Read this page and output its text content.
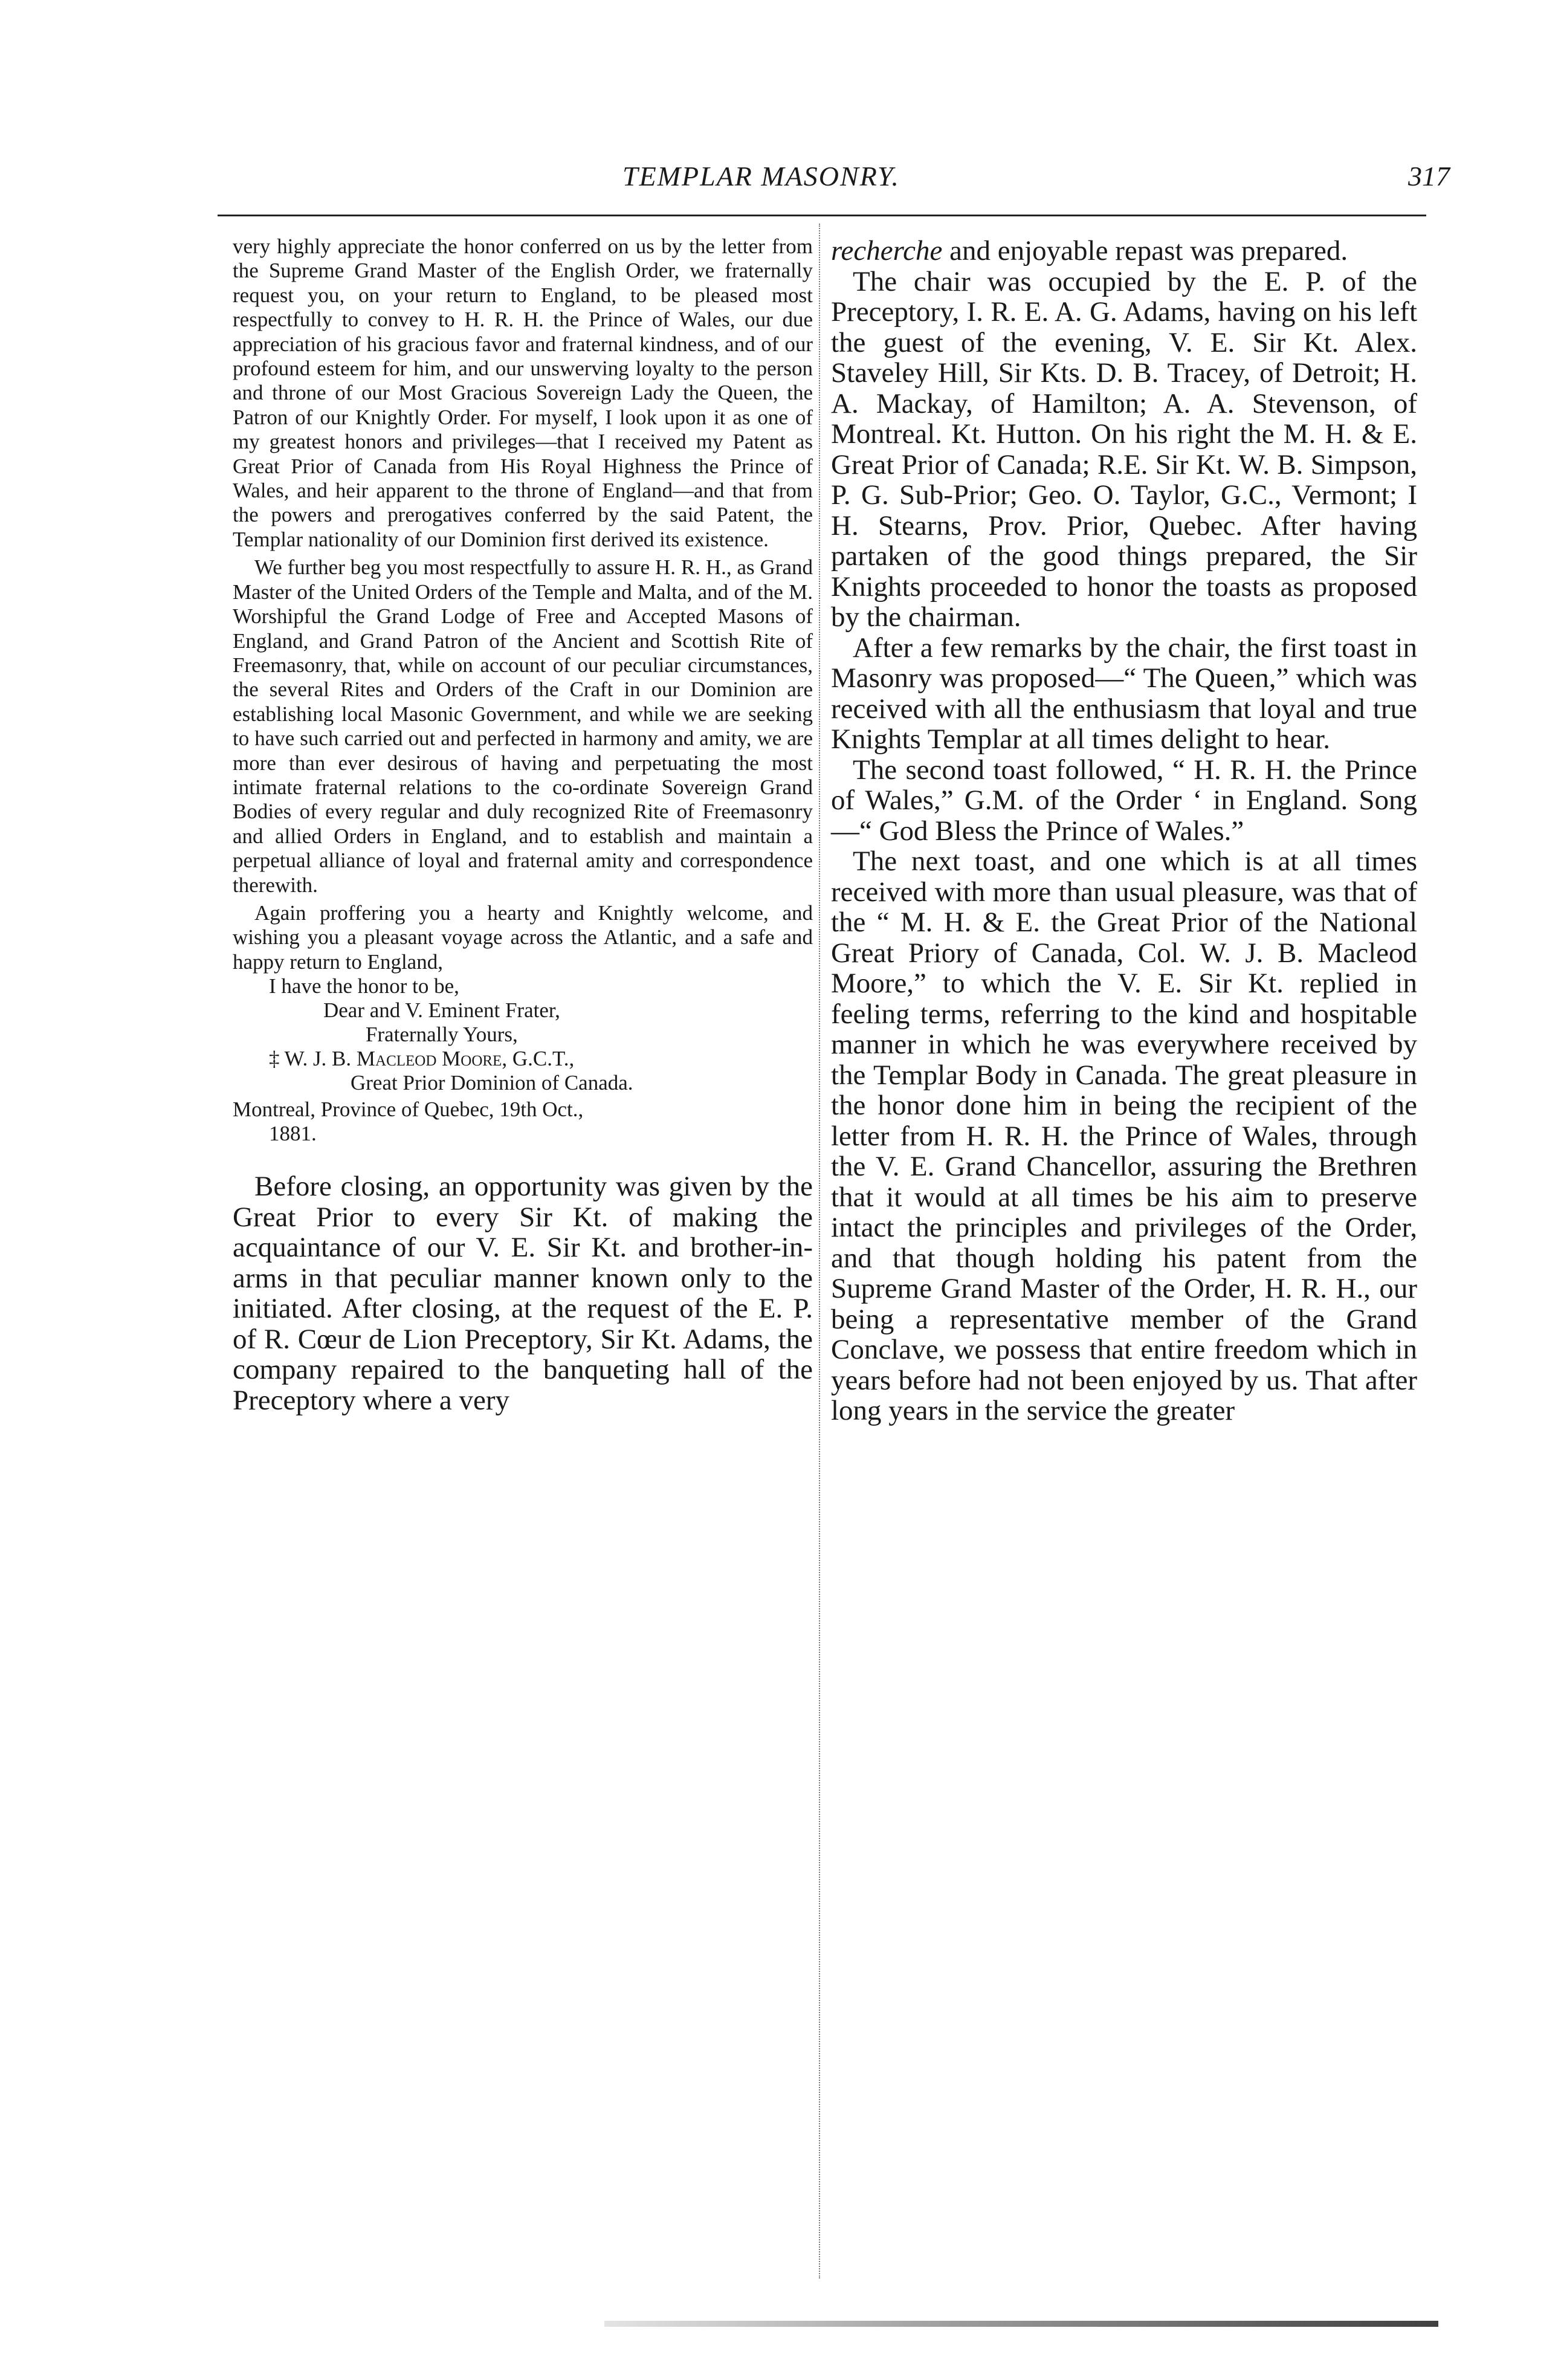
TEMPLAR MASONRY.	317

very highly appreciate the honor conferred on us by the letter from the Supreme Grand Master of the English Order, we fraternally request you, on your return to England, to be pleased most respectfully to convey to H. R. H. the Prince of Wales, our due appreciation of his gracious favor and fraternal kindness, and of our profound esteem for him, and our unswerving loyalty to the person and throne of our Most Gracious Sovereign Lady the Queen, the Patron of our Knightly Order. For myself, I look upon it as one of my greatest honors and privileges—that I received my Patent as Great Prior of Canada from His Royal Highness the Prince of Wales, and heir apparent to the throne of England—and that from the powers and prerogatives conferred by the said Patent, the Templar nationality of our Dominion first derived its existence.

We further beg you most respectfully to assure H. R. H., as Grand Master of the United Orders of the Temple and Malta, and of the M. Worshipful the Grand Lodge of Free and Accepted Masons of England, and Grand Patron of the Ancient and Scottish Rite of Freemasonry, that, while on account of our peculiar circumstances, the several Rites and Orders of the Craft in our Dominion are establishing local Masonic Government, and while we are seeking to have such carried out and perfected in harmony and amity, we are more than ever desirous of having and perpetuating the most intimate fraternal relations to the co-ordinate Sovereign Grand Bodies of every regular and duly recognized Rite of Freemasonry and allied Orders in England, and to establish and maintain a perpetual alliance of loyal and fraternal amity and correspondence therewith.

Again proffering you a hearty and Knightly welcome, and wishing you a pleasant voyage across the Atlantic, and a safe and happy return to England,

I have the honor to be,
Dear and V. Eminent Frater,
Fraternally Yours,
‡ W. J. B. Macleod Moore, G.C.T.,
Great Prior Dominion of Canada.
Montreal, Province of Quebec, 19th Oct.,
1881.

Before closing, an opportunity was given by the Great Prior to every Sir Kt. of making the acquaintance of our V. E. Sir Kt. and brother-in-arms in that peculiar manner known only to the initiated. After closing, at the request of the E. P. of R. Cœur de Lion Preceptory, Sir Kt. Adams, the company repaired to the banqueting hall of the Preceptory where a very

recherche and enjoyable repast was prepared.

The chair was occupied by the E. P. of the Preceptory, I. R. E. A. G. Adams, having on his left the guest of the evening, V. E. Sir Kt. Alex. Staveley Hill, Sir Kts. D. B. Tracey, of Detroit; H. A. Mackay, of Hamilton; A. A. Stevenson, of Montreal. Kt. Hutton. On his right the M. H. & E. Great Prior of Canada; R.E. Sir Kt. W. B. Simpson, P. G. Sub-Prior; Geo. O. Taylor, G.C., Vermont; I H. Stearns, Prov. Prior, Quebec. After having partaken of the good things prepared, the Sir Knights proceeded to honor the toasts as proposed by the chairman.

After a few remarks by the chair, the first toast in Masonry was proposed—“ The Queen,” which was received with all the enthusiasm that loyal and true Knights Templar at all times delight to hear.

The second toast followed, “ H. R. H. the Prince of Wales,” G.M. of the Order ‘ in England. Song—“ God Bless the Prince of Wales.”

The next toast, and one which is at all times received with more than usual pleasure, was that of the “ M. H. & E. the Great Prior of the National Great Priory of Canada, Col. W. J. B. Macleod Moore,” to which the V. E. Sir Kt. replied in feeling terms, referring to the kind and hospitable manner in which he was everywhere received by the Templar Body in Canada. The great pleasure in the honor done him in being the recipient of the letter from H. R. H. the Prince of Wales, through the V. E. Grand Chancellor, assuring the Brethren that it would at all times be his aim to preserve intact the principles and privileges of the Order, and that though holding his patent from the Supreme Grand Master of the Order, H. R. H., our being a representative member of the Grand Conclave, we possess that entire freedom which in years before had not been enjoyed by us. That after long years in the service the greater
